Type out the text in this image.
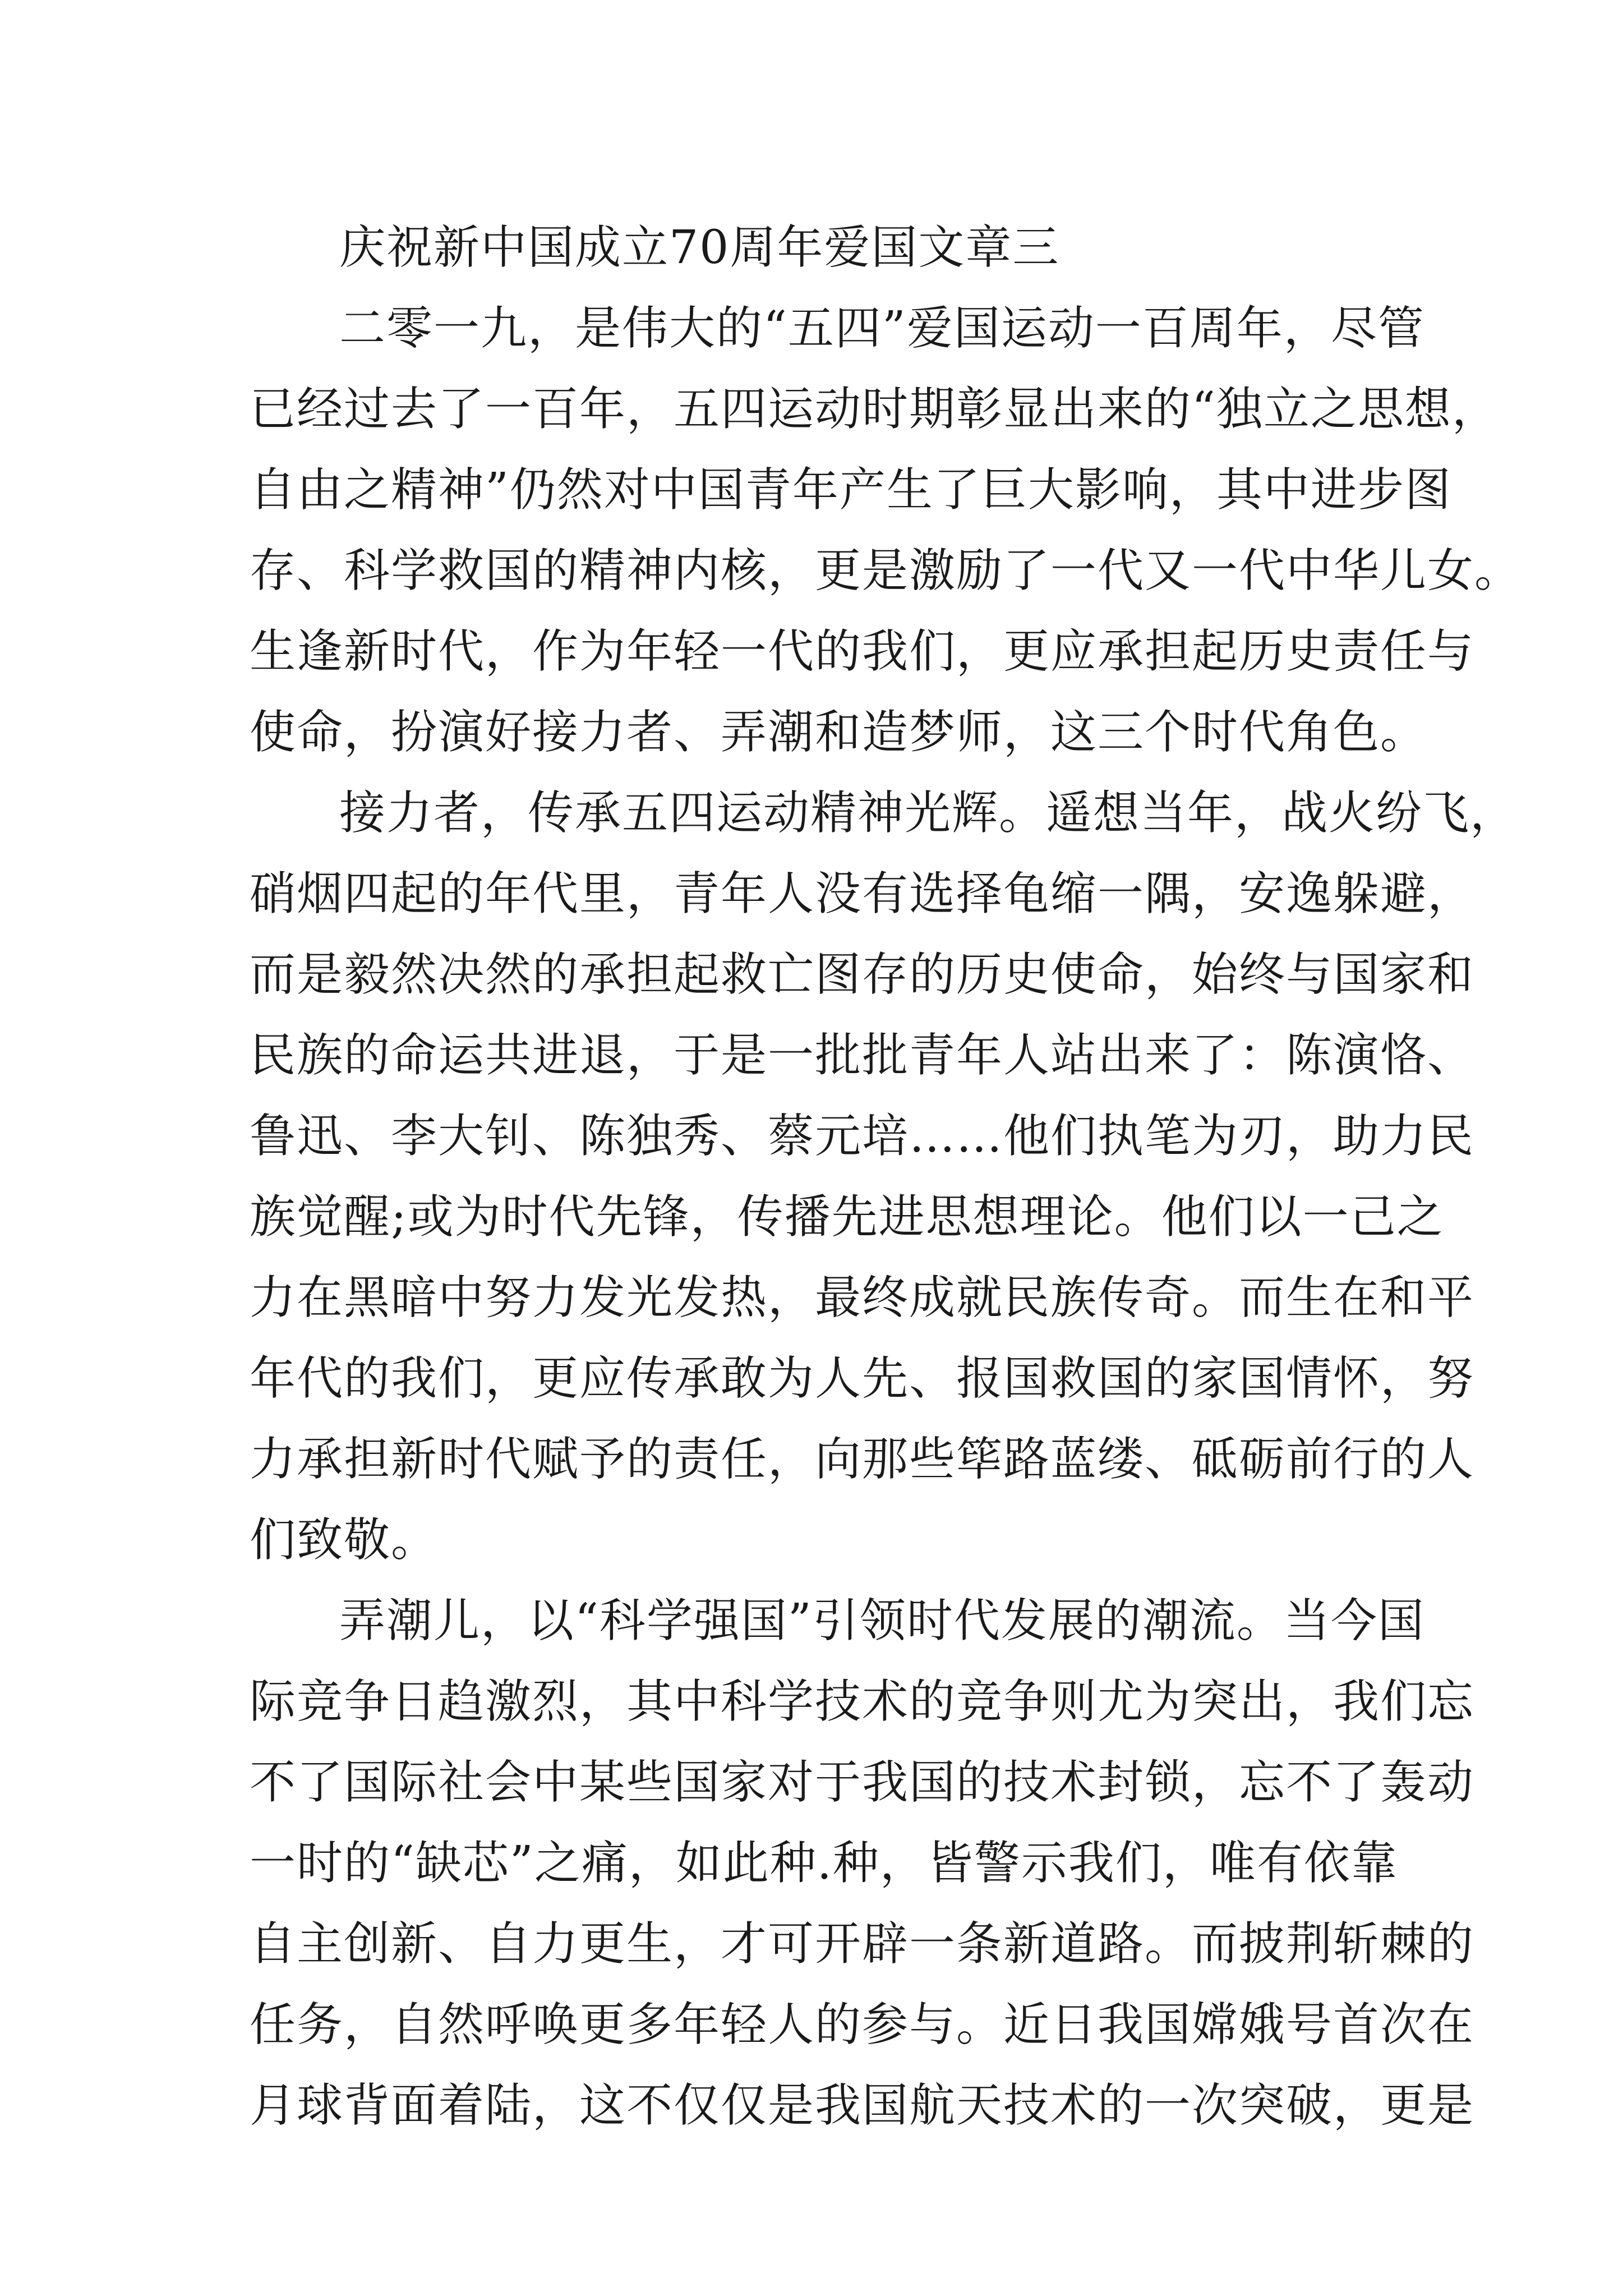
庆祝新中国成立70周年爱国文章三
二零一九，是伟大的“五四”爱国运动一百周年，尽管
已经过去了一百年，五四运动时期彰显出来的“独立之思想，
自由之精神”仍然对中国青年产生了巨大影响，其中进步图
存、科学救国的精神内核，更是激励了一代又一代中华儿女。
生逢新时代，作为年轻一代的我们，更应承担起历史责任与
使命，扮演好接力者、弄潮和造梦师，这三个时代角色。
接力者，传承五四运动精神光辉。遥想当年，战火纷飞，
硝烟四起的年代里，青年人没有选择龟缩一隅，安逸躲避，
而是毅然决然的承担起救亡图存的历史使命，始终与国家和
民族的命运共进退，于是一批批青年人站出来了：陈演恪、
鲁迅、李大钊、陈独秀、蔡元培……他们执笔为刃，助力民
族觉醒;或为时代先锋，传播先进思想理论。他们以一己之
力在黑暗中努力发光发热，最终成就民族传奇。而生在和平
年代的我们，更应传承敢为人先、报国救国的家国情怀，努
力承担新时代赋予的责任，向那些筚路蓝缕、砥砺前行的人
们致敬。
弄潮儿，以“科学强国”引领时代发展的潮流。当今国
际竞争日趋激烈，其中科学技术的竞争则尤为突出，我们忘
不了国际社会中某些国家对于我国的技术封锁，忘不了轰动
一时的“缺芯”之痛，如此种.种，皆警示我们，唯有依靠
自主创新、自力更生，才可开辟一条新道路。而披荆斩棘的
任务，自然呼唤更多年轻人的参与。近日我国嫦娥号首次在
月球背面着陆，这不仅仅是我国航天技术的一次突破，更是
